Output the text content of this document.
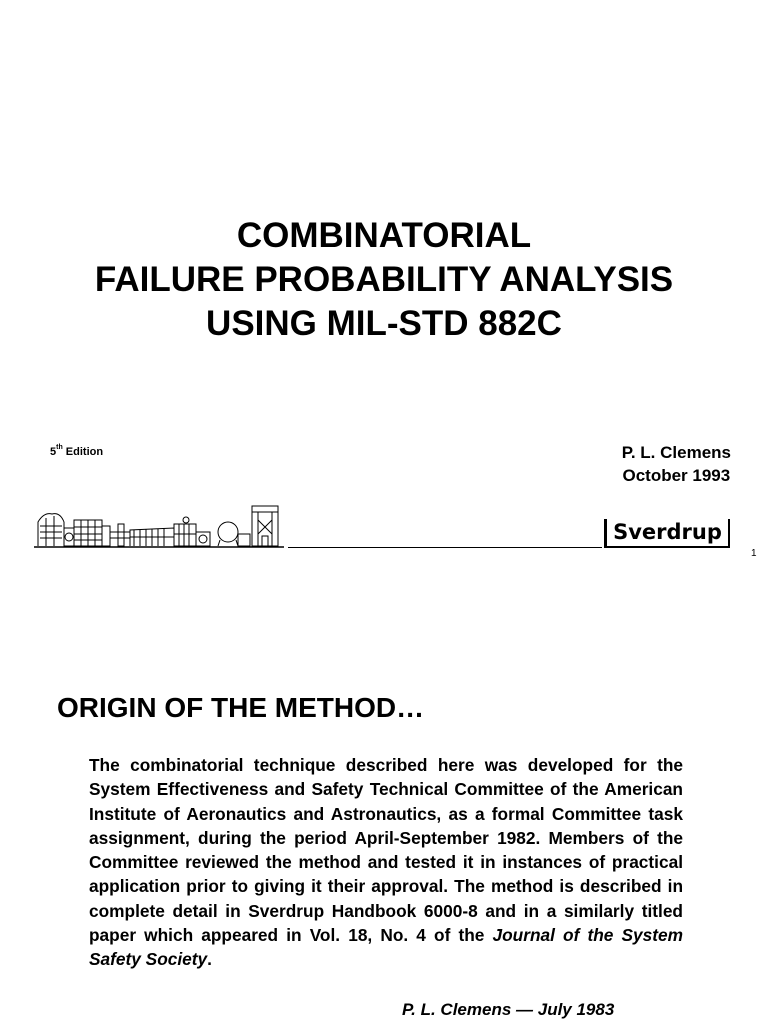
COMBINATORIAL
FAILURE PROBABILITY ANALYSIS
USING MIL-STD 882C
5th Edition	P. L. Clemens
October 1993
Sverdrup
1
ORIGIN OF THE METHOD…

The combinatorial technique described here was developed for the System Effectiveness and Safety Technical Committee of the American Institute of Aeronautics and Astronautics, as a formal Committee task assignment, during the period April-September 1982. Members of the Committee reviewed the method and tested it in instances of practical application prior to giving it their approval. The method is described in complete detail in Sverdrup Handbook 6000-8 and in a similarly titled paper which appeared in Vol. 18, No. 4 of the Journal of the System Safety Society.

P. L. Clemens — July 1983
